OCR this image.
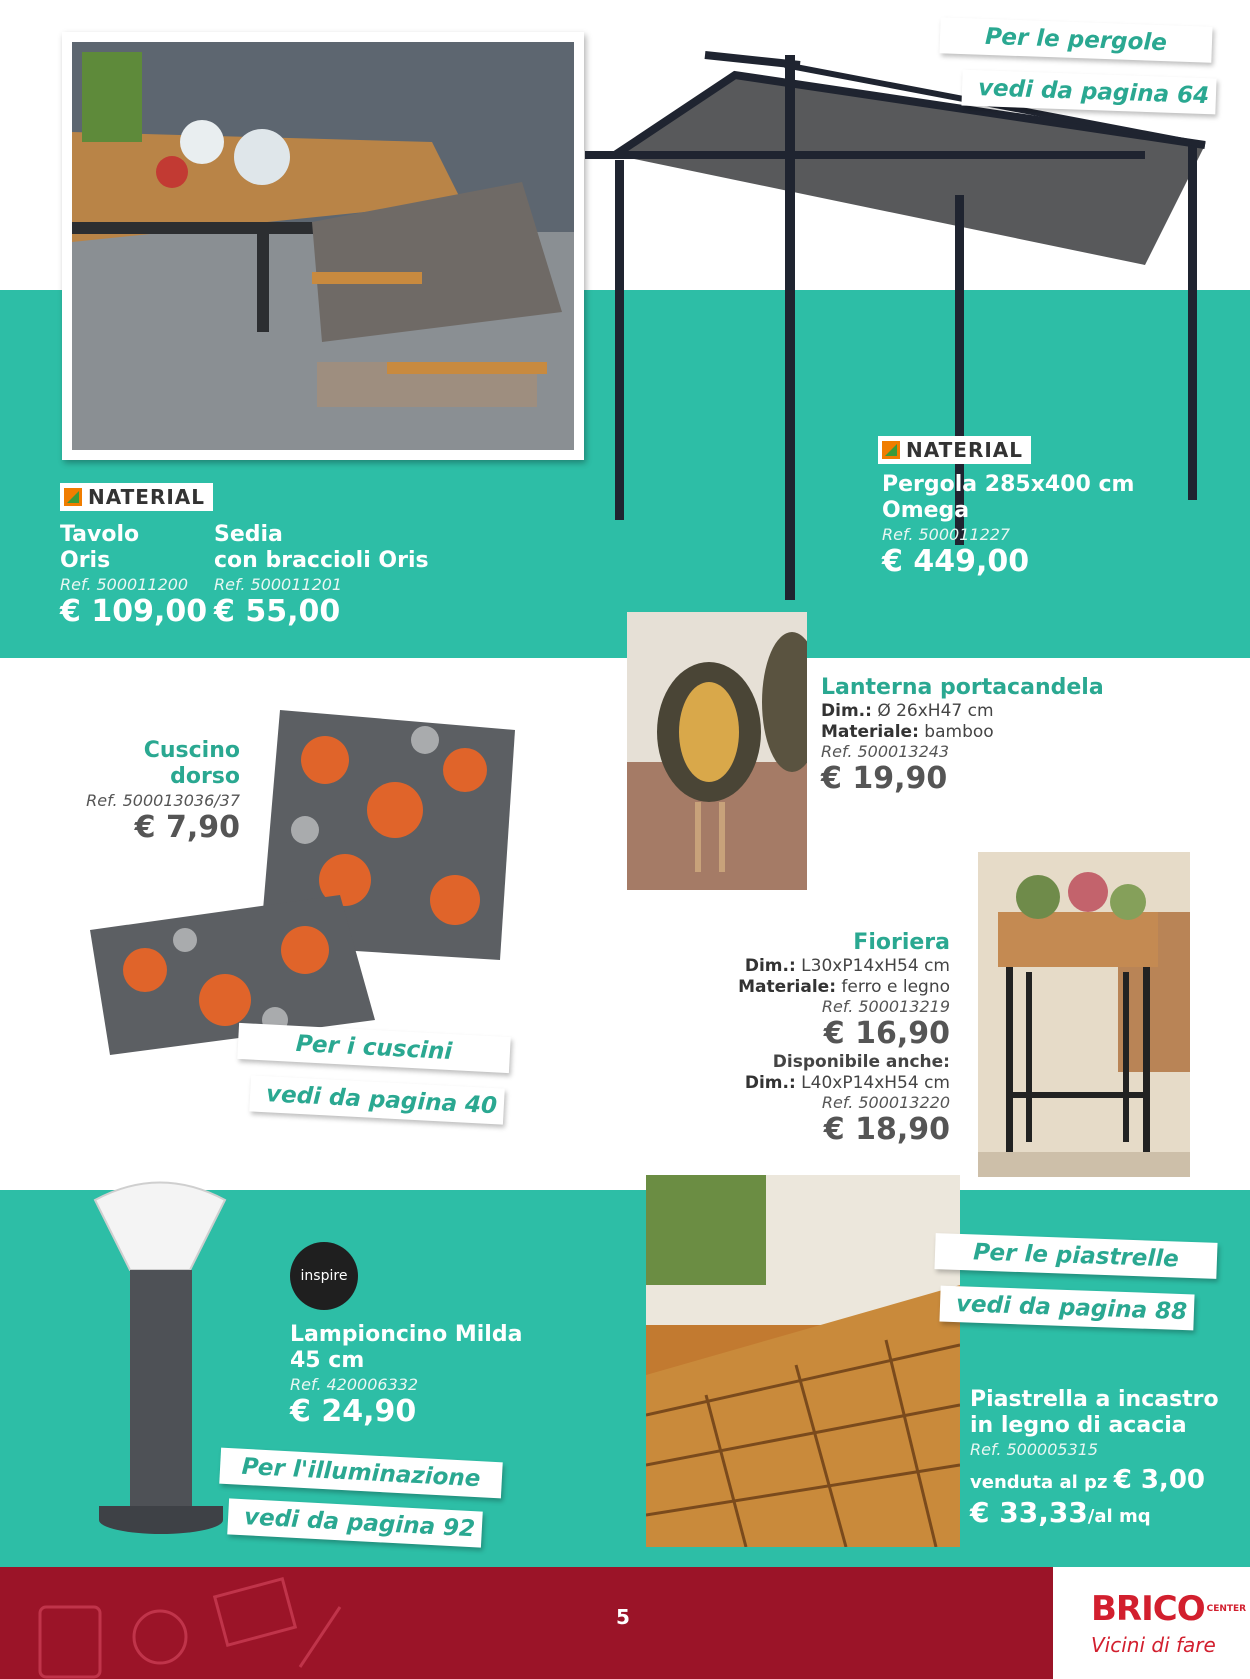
Per le pergole
vedi da pagina 64
NATERIAL
Tavolo
Oris
Ref. 500011200
€ 109,00
Sedia
con braccioli Oris
Ref. 500011201
€ 55,00
NATERIAL
Pergola 285x400 cm
Omega
Ref. 500011227
€ 449,00
Lanterna portacandela
Dim.: Ø 26xH47 cm
Materiale: bamboo
Ref. 500013243
€ 19,90
Cuscino
dorso
Ref. 500013036/37
€ 7,90
Per i cuscini
vedi da pagina 40
Fioriera
Dim.: L30xP14xH54 cm
Materiale: ferro e legno
Ref. 500013219
€ 16,90
Disponibile anche:
Dim.: L40xP14xH54 cm
Ref. 500013220
€ 18,90
inspire
Lampioncino Milda
45 cm
Ref. 420006332
€ 24,90
Per l'illuminazione
vedi da pagina 92
Per le piastrelle
vedi da pagina 88
Piastrella a incastro
in legno di acacia
Ref. 500005315
venduta al pz € 3,00
€ 33,33/al mq
5	BRICO CENTER
Vicini di fare
